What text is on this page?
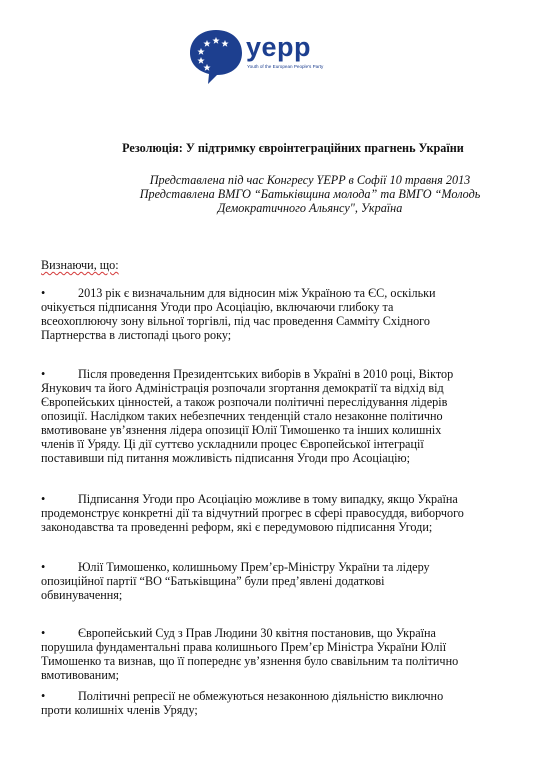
yepp
Youth of the European People's Party
Резолюція: У підтримку євроінтеграційних прагнень України
Представлена під час Конгресу YEPP в Софії 10 травня 2013
Представлена ВМГО “Батьківщина молода” та ВМГО “Молодь
Демократичного Альянсу", Україна
Визнаючи, що:
•	2013 рік є визначальним для відносин між Україною та ЄС, оскільки
очікується підписання Угоди про Асоціацію, включаючи глибоку та
всеохоплюючу зону вільної торгівлі, під час проведення Самміту Східного
Партнерства в листопаді цього року;
•	Після проведення Президентських виборів в Україні в 2010 році, Віктор
Янукович та його Адміністрація розпочали згортання демократії та відхід від
Європейських цінностей, а також розпочали політичні переслідування лідерів
опозиції. Наслідком таких небезпечних тенденцій стало незаконне політично
вмотивоване ув’язнення лідера опозиції Юлії Тимошенко та інших колишніх
членів її Уряду. Ці дії суттєво ускладнили процес Європейської інтеграції
поставивши під питання можливість підписання Угоди про Асоціацію;
•	Підписання Угоди про Асоціацію можливе в тому випадку, якщо Україна
продемонструє конкретні дії та відчутний прогрес в сфері правосуддя, виборчого
законодавства та проведенні реформ, які є передумовою підписання Угоди;
•	Юлії Тимошенко, колишньому Прем’єр-Міністру України та лідеру
опозиційної партії “ВО “Батьківщина” були пред’явлені додаткові
обвинувачення;
•	Європейський Суд з Прав Людини 30 квітня постановив, що Україна
порушила фундаментальні права колишнього Прем’єр Міністра України Юлії
Тимошенко та визнав, що її попереднє ув’язнення було свавільним та політично
вмотивованим;
•	Політичні репресії не обмежуються незаконною діяльністю виключно
проти колишніх членів Уряду;
